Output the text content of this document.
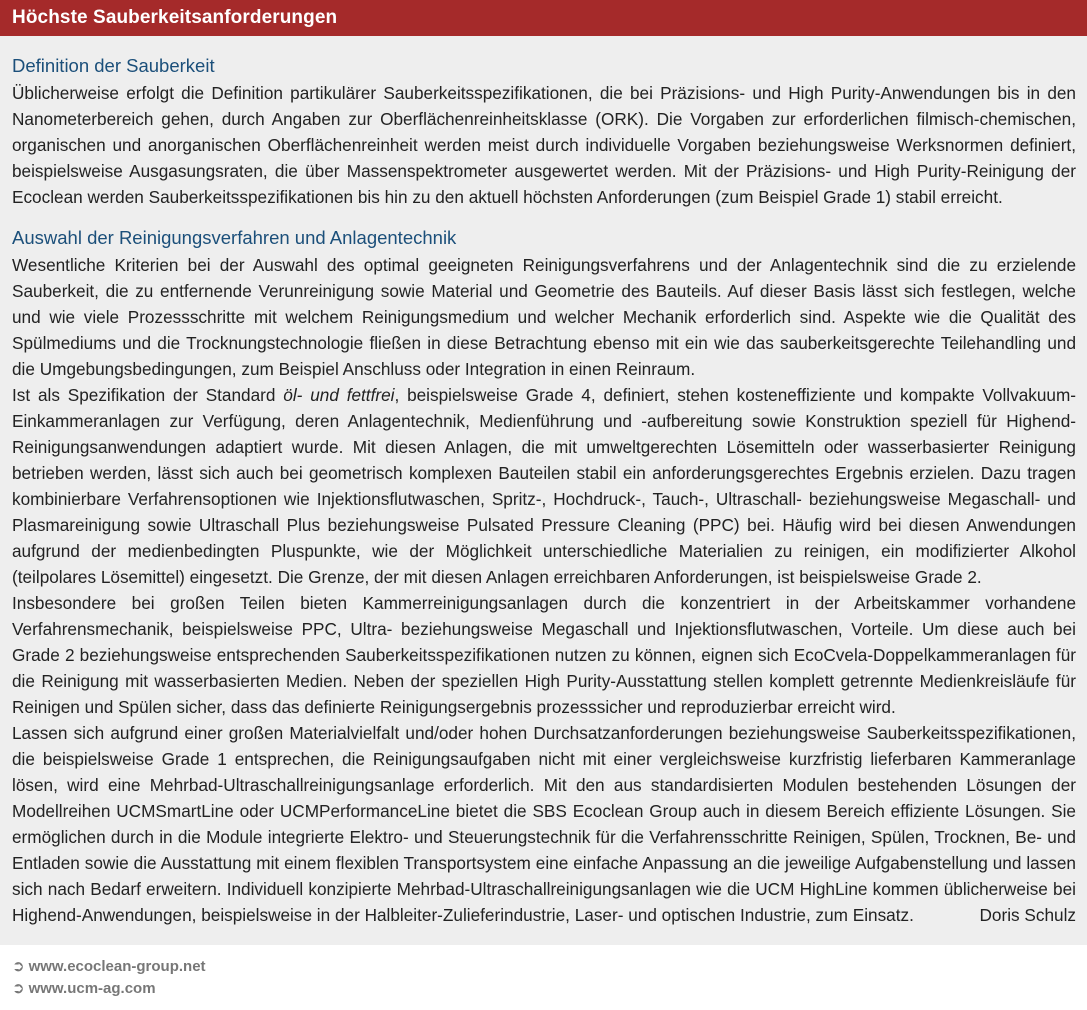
Höchste Sauberkeitsanforderungen
Definition der Sauberkeit

Üblicherweise erfolgt die Definition partikulärer Sauberkeitsspezifikationen, die bei Präzisions- und High Purity-Anwendungen bis in den Nanometerbereich gehen, durch Angaben zur Oberflächenreinheitsklasse (ORK). Die Vorgaben zur erforderlichen filmisch-chemischen, organischen und anorganischen Oberflächenreinheit werden meist durch individuelle Vorgaben beziehungsweise Werksnormen definiert, beispielsweise Ausgasungsraten, die über Massenspektrometer ausgewertet werden. Mit der Präzisions- und High Purity-Reinigung der Ecoclean werden Sauberkeitsspezifikationen bis hin zu den aktuell höchsten Anforderungen (zum Beispiel Grade 1) stabil erreicht.

Auswahl der Reinigungsverfahren und Anlagentechnik

Wesentliche Kriterien bei der Auswahl des optimal geeigneten Reinigungsverfahrens und der Anlagentechnik sind die zu erzielende Sauberkeit, die zu entfernende Verunreinigung sowie Material und Geometrie des Bauteils. Auf dieser Basis lässt sich festlegen, welche und wie viele Prozessschritte mit welchem Reinigungsmedium und welcher Mechanik erforderlich sind. Aspekte wie die Qualität des Spülmediums und die Trocknungstechnologie fließen in diese Betrachtung ebenso mit ein wie das sauberkeitsgerechte Teilehandling und die Umgebungsbedingungen, zum Beispiel Anschluss oder Integration in einen Reinraum.

Ist als Spezifikation der Standard öl- und fettfrei, beispielsweise Grade 4, definiert, stehen kosteneffiziente und kompakte Vollvakuum-Einkammeranlagen zur Verfügung, deren Anlagentechnik, Medienführung und -aufbereitung sowie Konstruktion speziell für Highend-Reinigungsanwendungen adaptiert wurde. Mit diesen Anlagen, die mit umweltgerechten Lösemitteln oder wasserbasierter Reinigung betrieben werden, lässt sich auch bei geometrisch komplexen Bauteilen stabil ein anforderungsgerechtes Ergebnis erzielen. Dazu tragen kombinierbare Verfahrensoptionen wie Injektionsflutwaschen, Spritz-, Hochdruck-, Tauch-, Ultraschall- beziehungsweise Megaschall- und Plasmareinigung sowie Ultraschall Plus beziehungsweise Pulsated Pressure Cleaning (PPC) bei. Häufig wird bei diesen Anwendungen aufgrund der medienbedingten Pluspunkte, wie der Möglichkeit unterschiedliche Materialien zu reinigen, ein modifizierter Alkohol (teilpolares Lösemittel) eingesetzt. Die Grenze, der mit diesen Anlagen erreichbaren Anforderungen, ist beispielsweise Grade 2.

Insbesondere bei großen Teilen bieten Kammerreinigungsanlagen durch die konzentriert in der Arbeitskammer vorhandene Verfahrensmechanik, beispielsweise PPC, Ultra- beziehungsweise Megaschall und Injektionsflutwaschen, Vorteile. Um diese auch bei Grade 2 beziehungsweise entsprechenden Sauberkeitsspezifikationen nutzen zu können, eignen sich EcoCvela-Doppelkammeranlagen für die Reinigung mit wasserbasierten Medien. Neben der speziellen High Purity-Ausstattung stellen komplett getrennte Medienkreisläufe für Reinigen und Spülen sicher, dass das definierte Reinigungsergebnis prozesssicher und reproduzierbar erreicht wird.

Lassen sich aufgrund einer großen Materialvielfalt und/oder hohen Durchsatzanforderungen beziehungsweise Sauberkeitsspezifikationen, die beispielsweise Grade 1 entsprechen, die Reinigungsaufgaben nicht mit einer vergleichsweise kurzfristig lieferbaren Kammeranlage lösen, wird eine Mehrbad-Ultraschallreinigungsanlage erforderlich. Mit den aus standardisierten Modulen bestehenden Lösungen der Modellreihen UCMSmartLine oder UCMPerformanceLine bietet die SBS Ecoclean Group auch in diesem Bereich effiziente Lösungen. Sie ermöglichen durch in die Module integrierte Elektro- und Steuerungstechnik für die Verfahrensschritte Reinigen, Spülen, Trocknen, Be- und Entladen sowie die Ausstattung mit einem flexiblen Transportsystem eine einfache Anpassung an die jeweilige Aufgabenstellung und lassen sich nach Bedarf erweitern. Individuell konzipierte Mehrbad-Ultraschallreinigungsanlagen wie die UCM HighLine kommen üblicherweise bei Highend-Anwendungen, beispielsweise in der Halbleiter-Zulieferindustrie, Laser- und optischen Industrie, zum Einsatz.	Doris Schulz

➲ www.ecoclean-group.net
➲ www.ucm-ag.com
